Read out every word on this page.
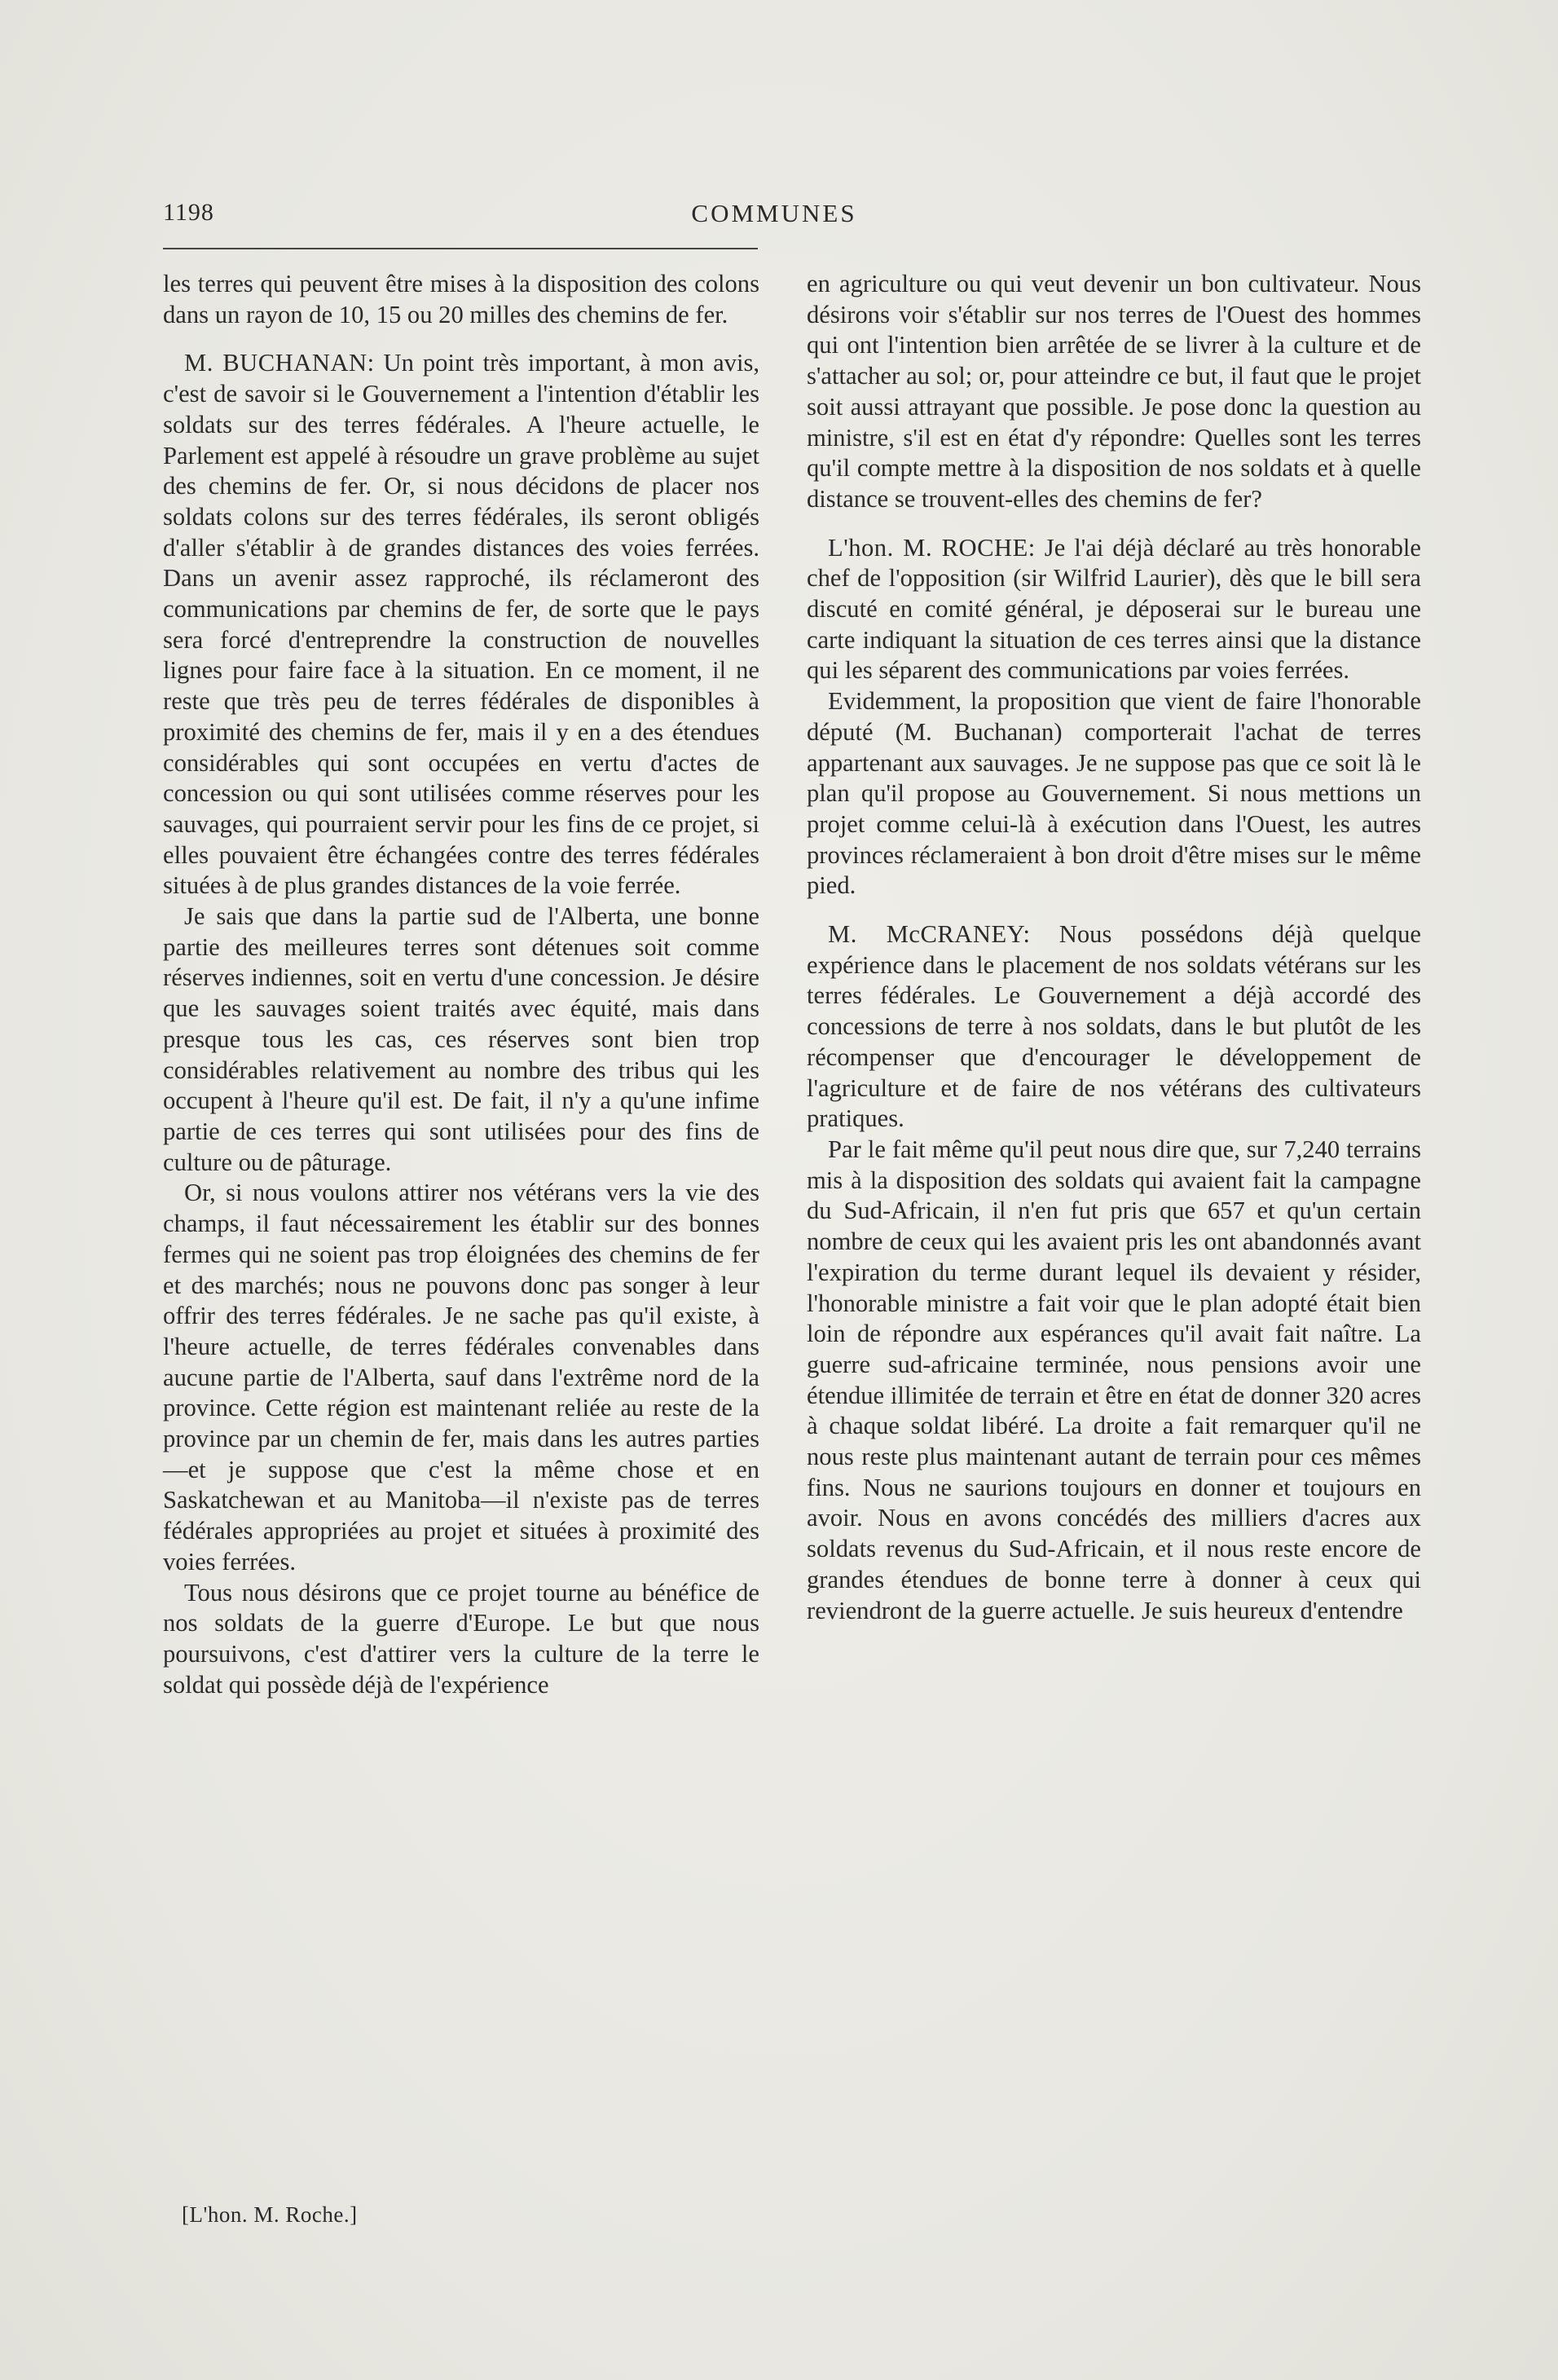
1198	COMMUNES

les terres qui peuvent être mises à la disposition des colons dans un rayon de 10, 15 ou 20 milles des chemins de fer.

M. BUCHANAN: Un point très important, à mon avis, c'est de savoir si le Gouvernement a l'intention d'établir les soldats sur des terres fédérales. A l'heure actuelle, le Parlement est appelé à résoudre un grave problème au sujet des chemins de fer. Or, si nous décidons de placer nos soldats colons sur des terres fédérales, ils seront obligés d'aller s'établir à de grandes distances des voies ferrées. Dans un avenir assez rapproché, ils réclameront des communications par chemins de fer, de sorte que le pays sera forcé d'entreprendre la construction de nouvelles lignes pour faire face à la situation. En ce moment, il ne reste que très peu de terres fédérales de disponibles à proximité des chemins de fer, mais il y en a des étendues considérables qui sont occupées en vertu d'actes de concession ou qui sont utilisées comme réserves pour les sauvages, qui pourraient servir pour les fins de ce projet, si elles pouvaient être échangées contre des terres fédérales situées à de plus grandes distances de la voie ferrée.

Je sais que dans la partie sud de l'Alberta, une bonne partie des meilleures terres sont détenues soit comme réserves indiennes, soit en vertu d'une concession. Je désire que les sauvages soient traités avec équité, mais dans presque tous les cas, ces réserves sont bien trop considérables relativement au nombre des tribus qui les occupent à l'heure qu'il est. De fait, il n'y a qu'une infime partie de ces terres qui sont utilisées pour des fins de culture ou de pâturage.

Or, si nous voulons attirer nos vétérans vers la vie des champs, il faut nécessairement les établir sur des bonnes fermes qui ne soient pas trop éloignées des chemins de fer et des marchés; nous ne pouvons donc pas songer à leur offrir des terres fédérales. Je ne sache pas qu'il existe, à l'heure actuelle, de terres fédérales convenables dans aucune partie de l'Alberta, sauf dans l'extrême nord de la province. Cette région est maintenant reliée au reste de la province par un chemin de fer, mais dans les autres parties—et je suppose que c'est la même chose et en Saskatchewan et au Manitoba—il n'existe pas de terres fédérales appropriées au projet et situées à proximité des voies ferrées.

Tous nous désirons que ce projet tourne au bénéfice de nos soldats de la guerre d'Europe. Le but que nous poursuivons, c'est d'attirer vers la culture de la terre le soldat qui possède déjà de l'expérience

en agriculture ou qui veut devenir un bon cultivateur. Nous désirons voir s'établir sur nos terres de l'Ouest des hommes qui ont l'intention bien arrêtée de se livrer à la culture et de s'attacher au sol; or, pour atteindre ce but, il faut que le projet soit aussi attrayant que possible. Je pose donc la question au ministre, s'il est en état d'y répondre: Quelles sont les terres qu'il compte mettre à la disposition de nos soldats et à quelle distance se trouvent-elles des chemins de fer?

L'hon. M. ROCHE: Je l'ai déjà déclaré au très honorable chef de l'opposition (sir Wilfrid Laurier), dès que le bill sera discuté en comité général, je déposerai sur le bureau une carte indiquant la situation de ces terres ainsi que la distance qui les séparent des communications par voies ferrées.

Evidemment, la proposition que vient de faire l'honorable député (M. Buchanan) comporterait l'achat de terres appartenant aux sauvages. Je ne suppose pas que ce soit là le plan qu'il propose au Gouvernement. Si nous mettions un projet comme celui-là à exécution dans l'Ouest, les autres provinces réclameraient à bon droit d'être mises sur le même pied.

M. McCRANEY: Nous possédons déjà quelque expérience dans le placement de nos soldats vétérans sur les terres fédérales. Le Gouvernement a déjà accordé des concessions de terre à nos soldats, dans le but plutôt de les récompenser que d'encourager le développement de l'agriculture et de faire de nos vétérans des cultivateurs pratiques.

Par le fait même qu'il peut nous dire que, sur 7,240 terrains mis à la disposition des soldats qui avaient fait la campagne du Sud-Africain, il n'en fut pris que 657 et qu'un certain nombre de ceux qui les avaient pris les ont abandonnés avant l'expiration du terme durant lequel ils devaient y résider, l'honorable ministre a fait voir que le plan adopté était bien loin de répondre aux espérances qu'il avait fait naître. La guerre sud-africaine terminée, nous pensions avoir une étendue illimitée de terrain et être en état de donner 320 acres à chaque soldat libéré. La droite a fait remarquer qu'il ne nous reste plus maintenant autant de terrain pour ces mêmes fins. Nous ne saurions toujours en donner et toujours en avoir. Nous en avons concédés des milliers d'acres aux soldats revenus du Sud-Africain, et il nous reste encore de grandes étendues de bonne terre à donner à ceux qui reviendront de la guerre actuelle. Je suis heureux d'entendre

[L'hon. M. Roche.]
